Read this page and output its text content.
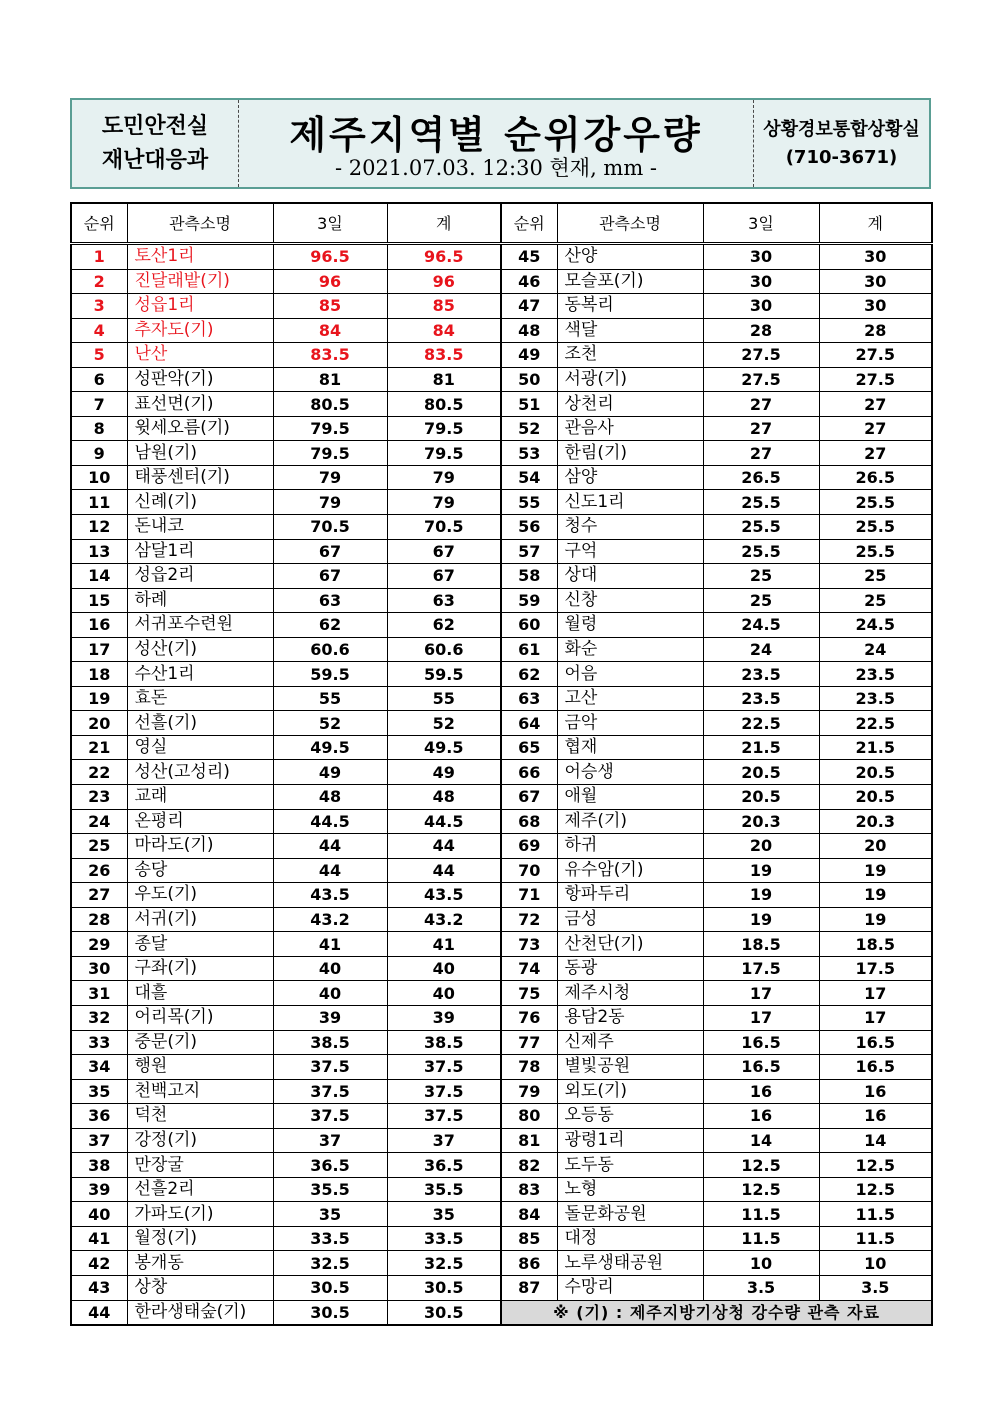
도민안전실
재난대응과
제주지역별 순위강우량
- 2021.07.03. 12:30 현재, mm -
상황경보통합상황실
(710-3671)
순위	관측소명	3일	계
1	토산1리	96.5	96.5
2	진달래밭(기)	96	96
3	성읍1리	85	85
4	추자도(기)	84	84
5	난산	83.5	83.5
6	성판악(기)	81	81
7	표선면(기)	80.5	80.5
8	윗세오름(기)	79.5	79.5
9	남원(기)	79.5	79.5
10	태풍센터(기)	79	79
11	신례(기)	79	79
12	돈내코	70.5	70.5
13	삼달1리	67	67
14	성읍2리	67	67
15	하례	63	63
16	서귀포수련원	62	62
17	성산(기)	60.6	60.6
18	수산1리	59.5	59.5
19	효돈	55	55
20	선흘(기)	52	52
21	영실	49.5	49.5
22	성산(고성리)	49	49
23	교래	48	48
24	온평리	44.5	44.5
25	마라도(기)	44	44
26	송당	44	44
27	우도(기)	43.5	43.5
28	서귀(기)	43.2	43.2
29	종달	41	41
30	구좌(기)	40	40
31	대흘	40	40
32	어리목(기)	39	39
33	중문(기)	38.5	38.5
34	행원	37.5	37.5
35	천백고지	37.5	37.5
36	덕천	37.5	37.5
37	강정(기)	37	37
38	만장굴	36.5	36.5
39	선흘2리	35.5	35.5
40	가파도(기)	35	35
41	월정(기)	33.5	33.5
42	봉개동	32.5	32.5
43	상창	30.5	30.5
44	한라생태숲(기)	30.5	30.5
순위	관측소명	3일	계
45	산양	30	30
46	모슬포(기)	30	30
47	동복리	30	30
48	색달	28	28
49	조천	27.5	27.5
50	서광(기)	27.5	27.5
51	상천리	27	27
52	관음사	27	27
53	한림(기)	27	27
54	삼양	26.5	26.5
55	신도1리	25.5	25.5
56	청수	25.5	25.5
57	구억	25.5	25.5
58	상대	25	25
59	신창	25	25
60	월령	24.5	24.5
61	화순	24	24
62	어음	23.5	23.5
63	고산	23.5	23.5
64	금악	22.5	22.5
65	협재	21.5	21.5
66	어승생	20.5	20.5
67	애월	20.5	20.5
68	제주(기)	20.3	20.3
69	하귀	20	20
70	유수암(기)	19	19
71	항파두리	19	19
72	금성	19	19
73	산천단(기)	18.5	18.5
74	동광	17.5	17.5
75	제주시청	17	17
76	용담2동	17	17
77	신제주	16.5	16.5
78	별빛공원	16.5	16.5
79	외도(기)	16	16
80	오등동	16	16
81	광령1리	14	14
82	도두동	12.5	12.5
83	노형	12.5	12.5
84	돌문화공원	11.5	11.5
85	대정	11.5	11.5
86	노루생태공원	10	10
87	수망리	3.5	3.5
※ (기) : 제주지방기상청 강수량 관측 자료			
